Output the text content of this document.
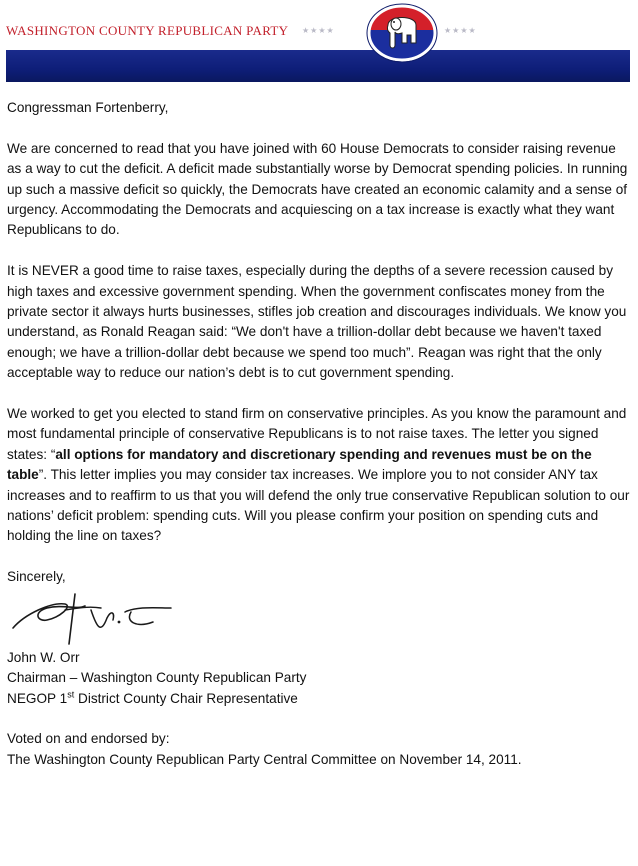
WASHINGTON COUNTY REPUBLICAN PARTY ★★★★	★★★★

Congressman Fortenberry,

We are concerned to read that you have joined with 60 House Democrats to consider raising revenue as a way to cut the deficit. A deficit made substantially worse by Democrat spending policies. In running up such a massive deficit so quickly, the Democrats have created an economic calamity and a sense of urgency. Accommodating the Democrats and acquiescing on a tax increase is exactly what they want Republicans to do.

It is NEVER a good time to raise taxes, especially during the depths of a severe recession caused by high taxes and excessive government spending. When the government confiscates money from the private sector it always hurts businesses, stifles job creation and discourages individuals. We know you understand, as Ronald Reagan said: “We don't have a trillion-dollar debt because we haven't taxed enough; we have a trillion-dollar debt because we spend too much”. Reagan was right that the only acceptable way to reduce our nation’s debt is to cut government spending.

We worked to get you elected to stand firm on conservative principles. As you know the paramount and most fundamental principle of conservative Republicans is to not raise taxes. The letter you signed states: “all options for mandatory and discretionary spending and revenues must be on the table”. This letter implies you may consider tax increases. We implore you to not consider ANY tax increases and to reaffirm to us that you will defend the only true conservative Republican solution to our nations’ deficit problem: spending cuts. Will you please confirm your position on spending cuts and holding the line on taxes?

Sincerely,

John W. Orr

Chairman – Washington County Republican Party

NEGOP 1st District County Chair Representative

Voted on and endorsed by:

The Washington County Republican Party Central Committee on November 14, 2011.
